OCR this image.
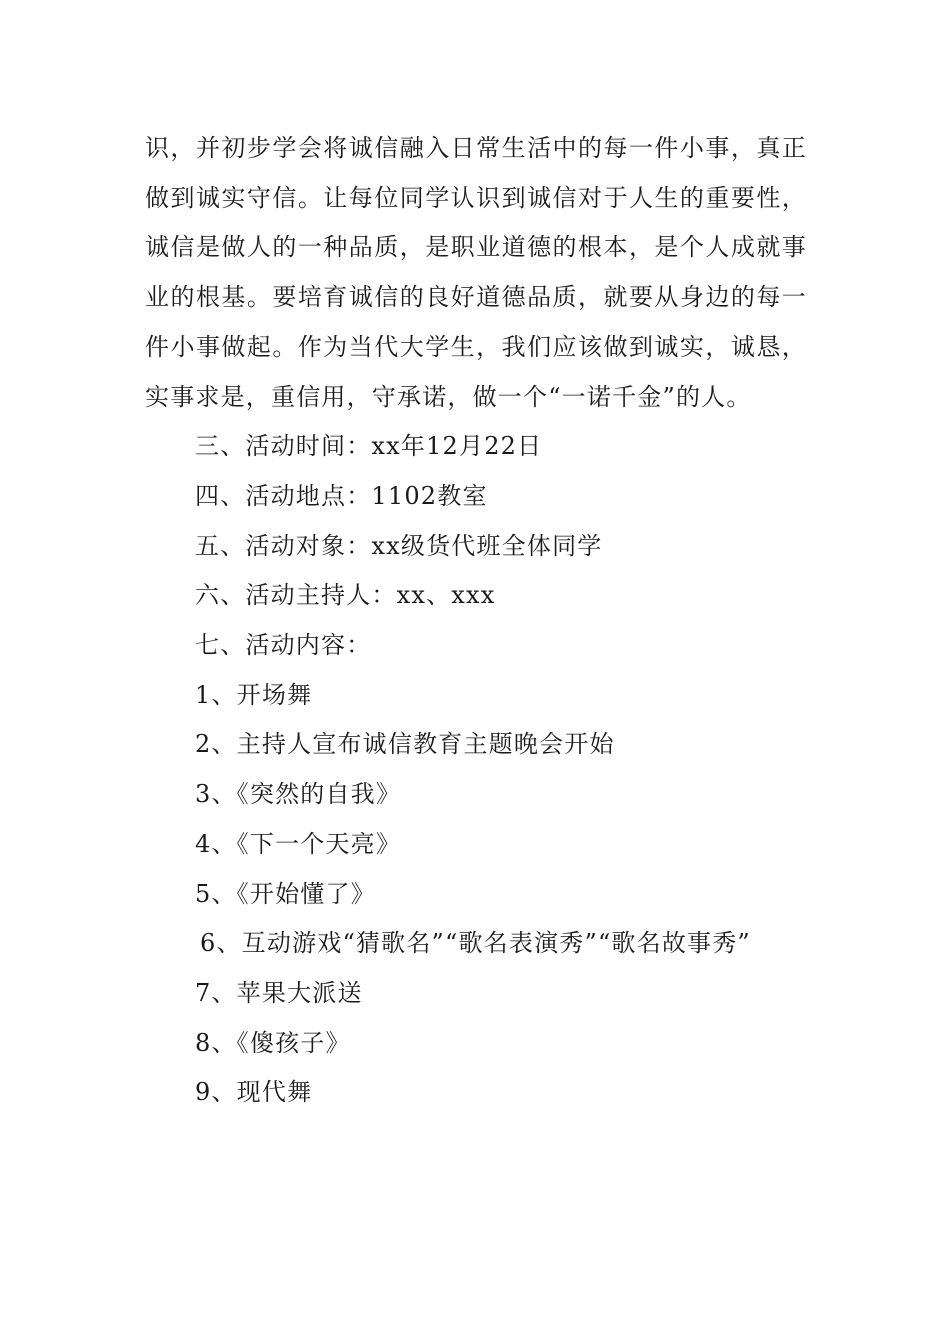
识，并初步学会将诚信融入日常生活中的每一件小事，真正做到诚实守信。让每位同学认识到诚信对于人生的重要性，诚信是做人的一种品质，是职业道德的根本，是个人成就事业的根基。要培育诚信的良好道德品质，就要从身边的每一件小事做起。作为当代大学生，我们应该做到诚实，诚恳，实事求是，重信用，守承诺，做一个“一诺千金”的人。

三、活动时间：xx年12月22日

四、活动地点：1102教室

五、活动对象：xx级货代班全体同学

六、活动主持人：xx、xxx

七、活动内容：

1、开场舞

2、主持人宣布诚信教育主题晚会开始

3、《突然的自我》

4、《下一个天亮》

5、《开始懂了》

6、互动游戏“猜歌名”“歌名表演秀”“歌名故事秀”

7、苹果大派送

8、《傻孩子》

9、现代舞
